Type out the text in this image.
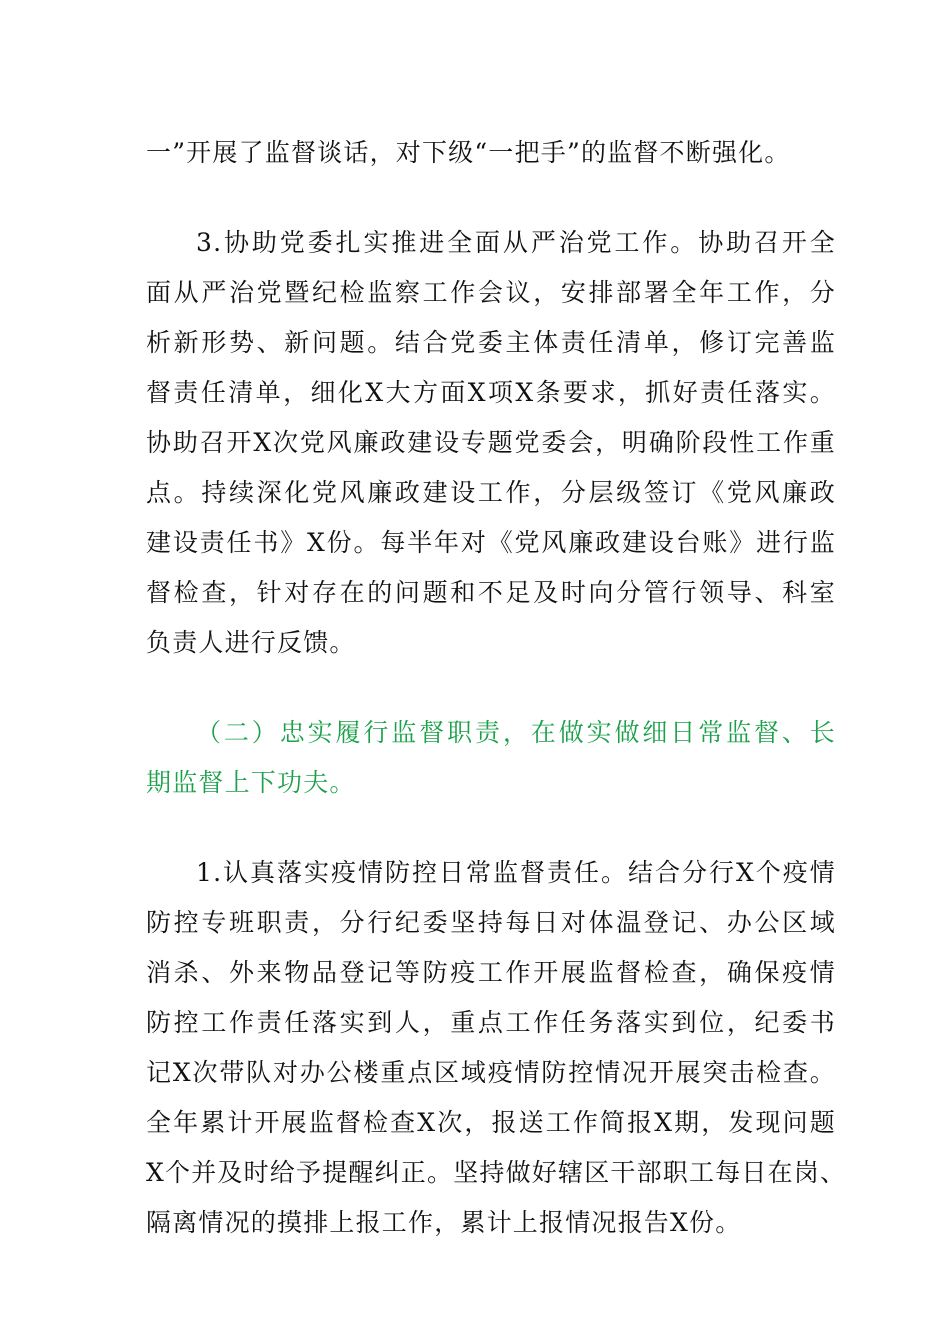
一”开展了监督谈话，对下级“一把手”的监督不断强化。
3.协助党委扎实推进全面从严治党工作。协助召开全
面从严治党暨纪检监察工作会议，安排部署全年工作，分
析新形势、新问题。结合党委主体责任清单，修订完善监
督责任清单，细化X大方面X项X条要求，抓好责任落实。
协助召开X次党风廉政建设专题党委会，明确阶段性工作重
点。持续深化党风廉政建设工作，分层级签订《党风廉政
建设责任书》X份。每半年对《党风廉政建设台账》进行监
督检查，针对存在的问题和不足及时向分管行领导、科室
负责人进行反馈。
（二）忠实履行监督职责，在做实做细日常监督、长
期监督上下功夫。
1.认真落实疫情防控日常监督责任。结合分行X个疫情
防控专班职责，分行纪委坚持每日对体温登记、办公区域
消杀、外来物品登记等防疫工作开展监督检查，确保疫情
防控工作责任落实到人，重点工作任务落实到位，纪委书
记X次带队对办公楼重点区域疫情防控情况开展突击检查。
全年累计开展监督检查X次，报送工作简报X期，发现问题
X个并及时给予提醒纠正。坚持做好辖区干部职工每日在岗、
隔离情况的摸排上报工作，累计上报情况报告X份。
